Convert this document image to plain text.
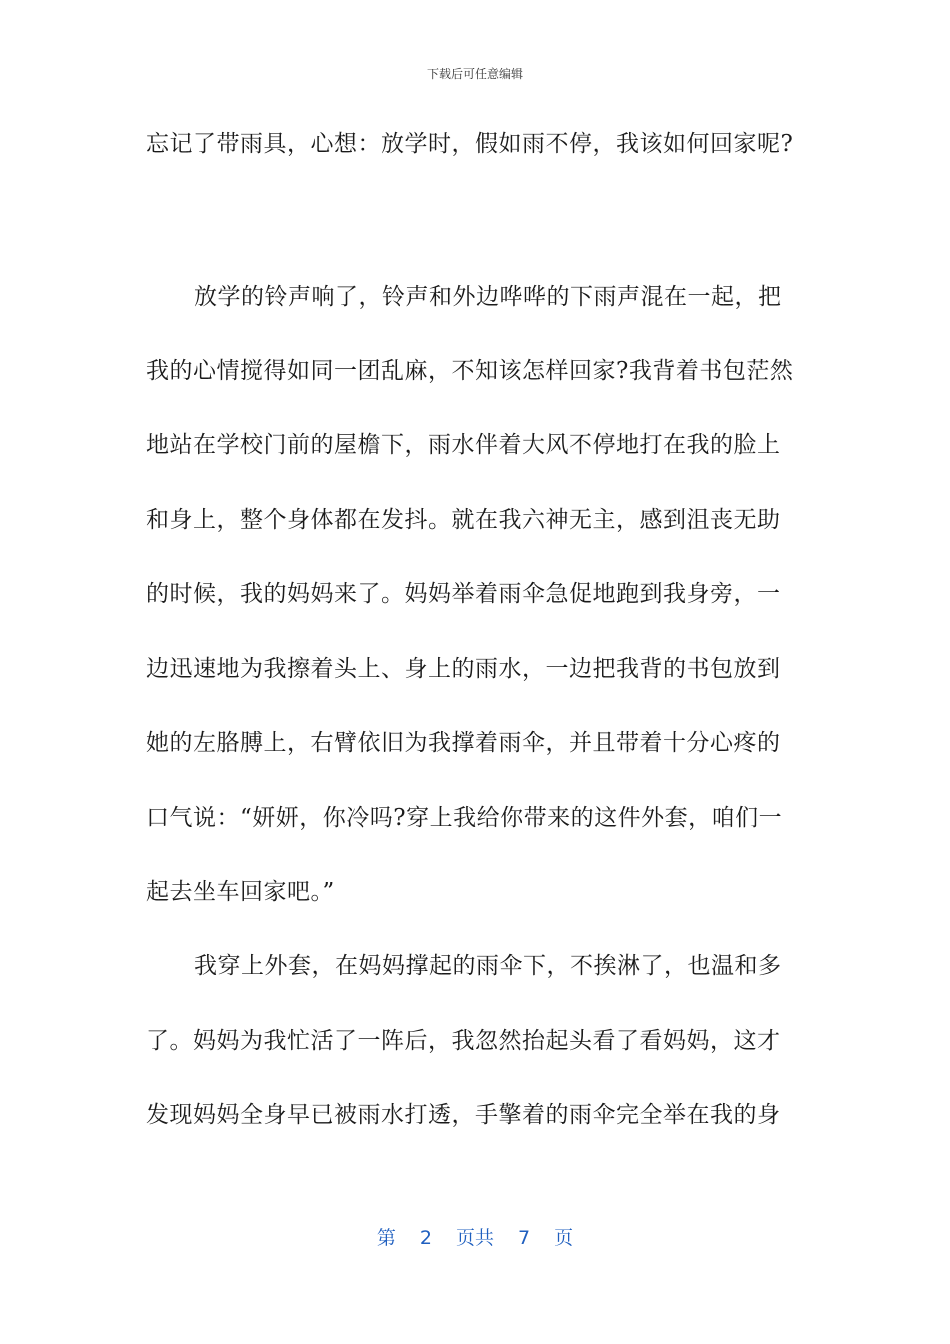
下载后可任意编辑
忘记了带雨具，心想：放学时，假如雨不停，我该如何回家呢?
放学的铃声响了，铃声和外边哗哗的下雨声混在一起，把
我的心情搅得如同一团乱麻，不知该怎样回家?我背着书包茫然
地站在学校门前的屋檐下，雨水伴着大风不停地打在我的脸上
和身上，整个身体都在发抖。就在我六神无主，感到沮丧无助
的时候，我的妈妈来了。妈妈举着雨伞急促地跑到我身旁，一
边迅速地为我擦着头上、身上的雨水，一边把我背的书包放到
她的左胳膊上，右臂依旧为我撑着雨伞，并且带着十分心疼的
口气说：“妍妍，你冷吗?穿上我给你带来的这件外套，咱们一
起去坐车回家吧。”
我穿上外套，在妈妈撑起的雨伞下，不挨淋了，也温和多
了。妈妈为我忙活了一阵后，我忽然抬起头看了看妈妈，这才
发现妈妈全身早已被雨水打透，手擎着的雨伞完全举在我的身
第 2 页共 7 页
